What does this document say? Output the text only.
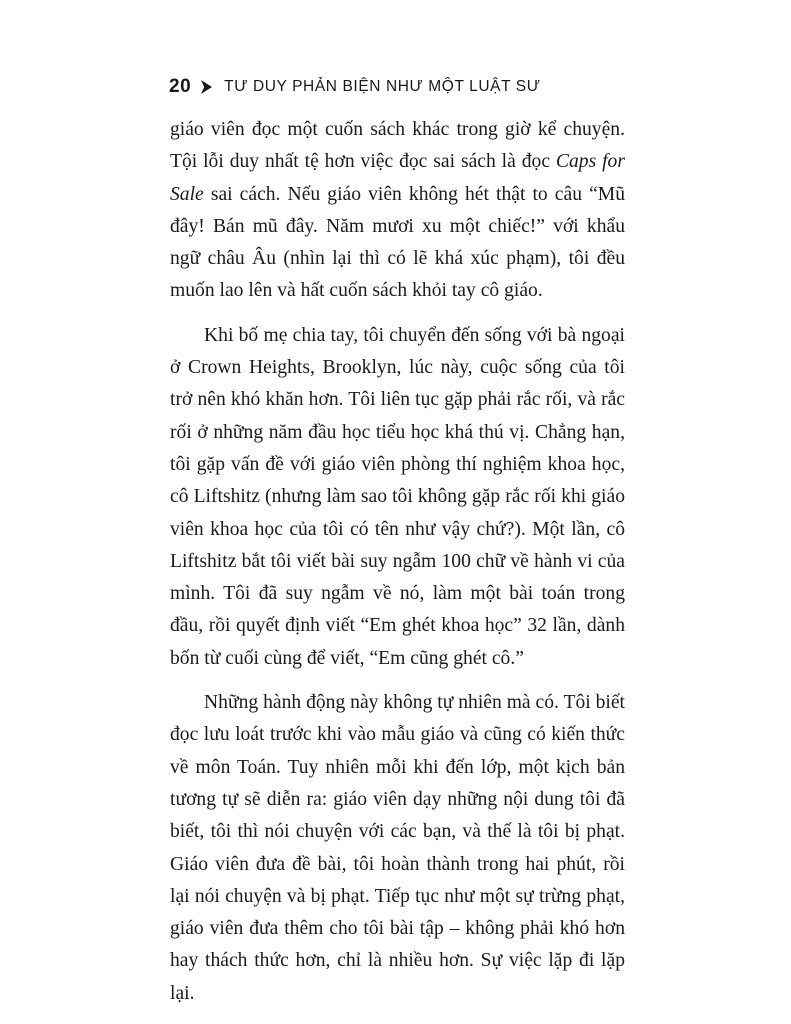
20 TƯ DUY PHẢN BIỆN NHƯ MỘT LUẬT SƯ

giáo viên đọc một cuốn sách khác trong giờ kể chuyện. Tội lỗi duy nhất tệ hơn việc đọc sai sách là đọc Caps for Sale sai cách. Nếu giáo viên không hét thật to câu “Mũ đây! Bán mũ đây. Năm mươi xu một chiếc!” với khẩu ngữ châu Âu (nhìn lại thì có lẽ khá xúc phạm), tôi đều muốn lao lên và hất cuốn sách khỏi tay cô giáo.

Khi bố mẹ chia tay, tôi chuyển đến sống với bà ngoại ở Crown Heights, Brooklyn, lúc này, cuộc sống của tôi trở nên khó khăn hơn. Tôi liên tục gặp phải rắc rối, và rắc rối ở những năm đầu học tiểu học khá thú vị. Chẳng hạn, tôi gặp vấn đề với giáo viên phòng thí nghiệm khoa học, cô Liftshitz (nhưng làm sao tôi không gặp rắc rối khi giáo viên khoa học của tôi có tên như vậy chứ?). Một lần, cô Liftshitz bắt tôi viết bài suy ngẫm 100 chữ về hành vi của mình. Tôi đã suy ngẫm về nó, làm một bài toán trong đầu, rồi quyết định viết “Em ghét khoa học” 32 lần, dành bốn từ cuối cùng để viết, “Em cũng ghét cô.”

Những hành động này không tự nhiên mà có. Tôi biết đọc lưu loát trước khi vào mẫu giáo và cũng có kiến thức về môn Toán. Tuy nhiên mỗi khi đến lớp, một kịch bản tương tự sẽ diễn ra: giáo viên dạy những nội dung tôi đã biết, tôi thì nói chuyện với các bạn, và thế là tôi bị phạt. Giáo viên đưa đề bài, tôi hoàn thành trong hai phút, rồi lại nói chuyện và bị phạt. Tiếp tục như một sự trừng phạt, giáo viên đưa thêm cho tôi bài tập – không phải khó hơn hay thách thức hơn, chỉ là nhiều hơn. Sự việc lặp đi lặp lại.
